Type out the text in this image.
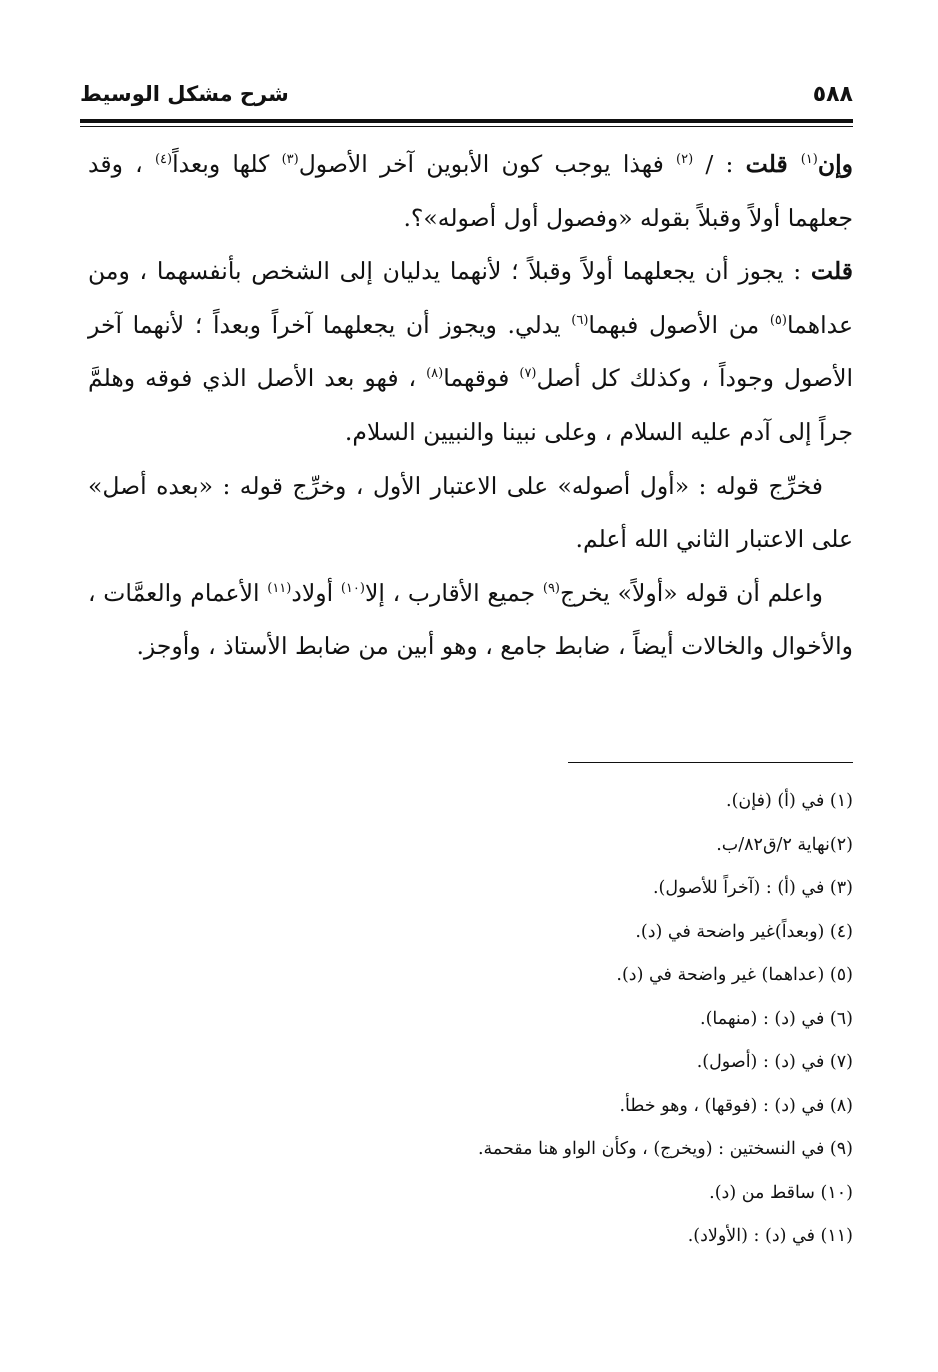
٥٨٨
شرح مشكل الوسيط

وإن$^{(١)}$ قلت : / $^{(٢)}$ فهذا يوجب كون الأبوين آخر الأصول$^{(٣)}$ كلها وبعداً$^{(٤)}$ ، وقد جعلهما أولاً وقبلاً بقوله «وفصول أول أصوله»؟.

قلت : يجوز أن يجعلهما أولاً وقبلاً ؛ لأنهما يدليان إلى الشخص بأنفسهما ، ومن عداهما$^{(٥)}$ من الأصول فبهما$^{(٦)}$ يدلي. ويجوز أن يجعلهما آخراً وبعداً ؛ لأنهما آخر الأصول وجوداً ، وكذلك كل أصل$^{(٧)}$ فوقهما$^{(٨)}$ ، فهو بعد الأصل الذي فوقه وهلمَّ جراً إلى آدم عليه السلام ، وعلى نبينا والنبيين السلام.

فخرِّج قوله : «أول أصوله» على الاعتبار الأول ، وخرِّج قوله : «بعده أصل» على الاعتبار الثاني الله أعلم.

واعلم أن قوله «أولاً» يخرج$^{(٩)}$ جميع الأقارب ، إلا$^{(١٠)}$ أولاد$^{(١١)}$ الأعمام والعمَّات ، والأخوال والخالات أيضاً ، ضابط جامع ، وهو أبين من ضابط الأستاذ ، وأوجز.

(١) في (أ) (فإن).

(٢)نهاية ٢/ق٨٢/ب.

(٣) في (أ) : (آخراً للأصول).

(٤) (وبعداً)غير واضحة في (د).

(٥) (عداهما) غير واضحة في (د).

(٦) في (د) : (منهما).

(٧) في (د) : (أصول).

(٨) في (د) : (فوقها) ، وهو خطأ.

(٩) في النسختين : (ويخرج) ، وكأن الواو هنا مقحمة.

(١٠) ساقط من (د).

(١١) في (د) : (الأولاد).
